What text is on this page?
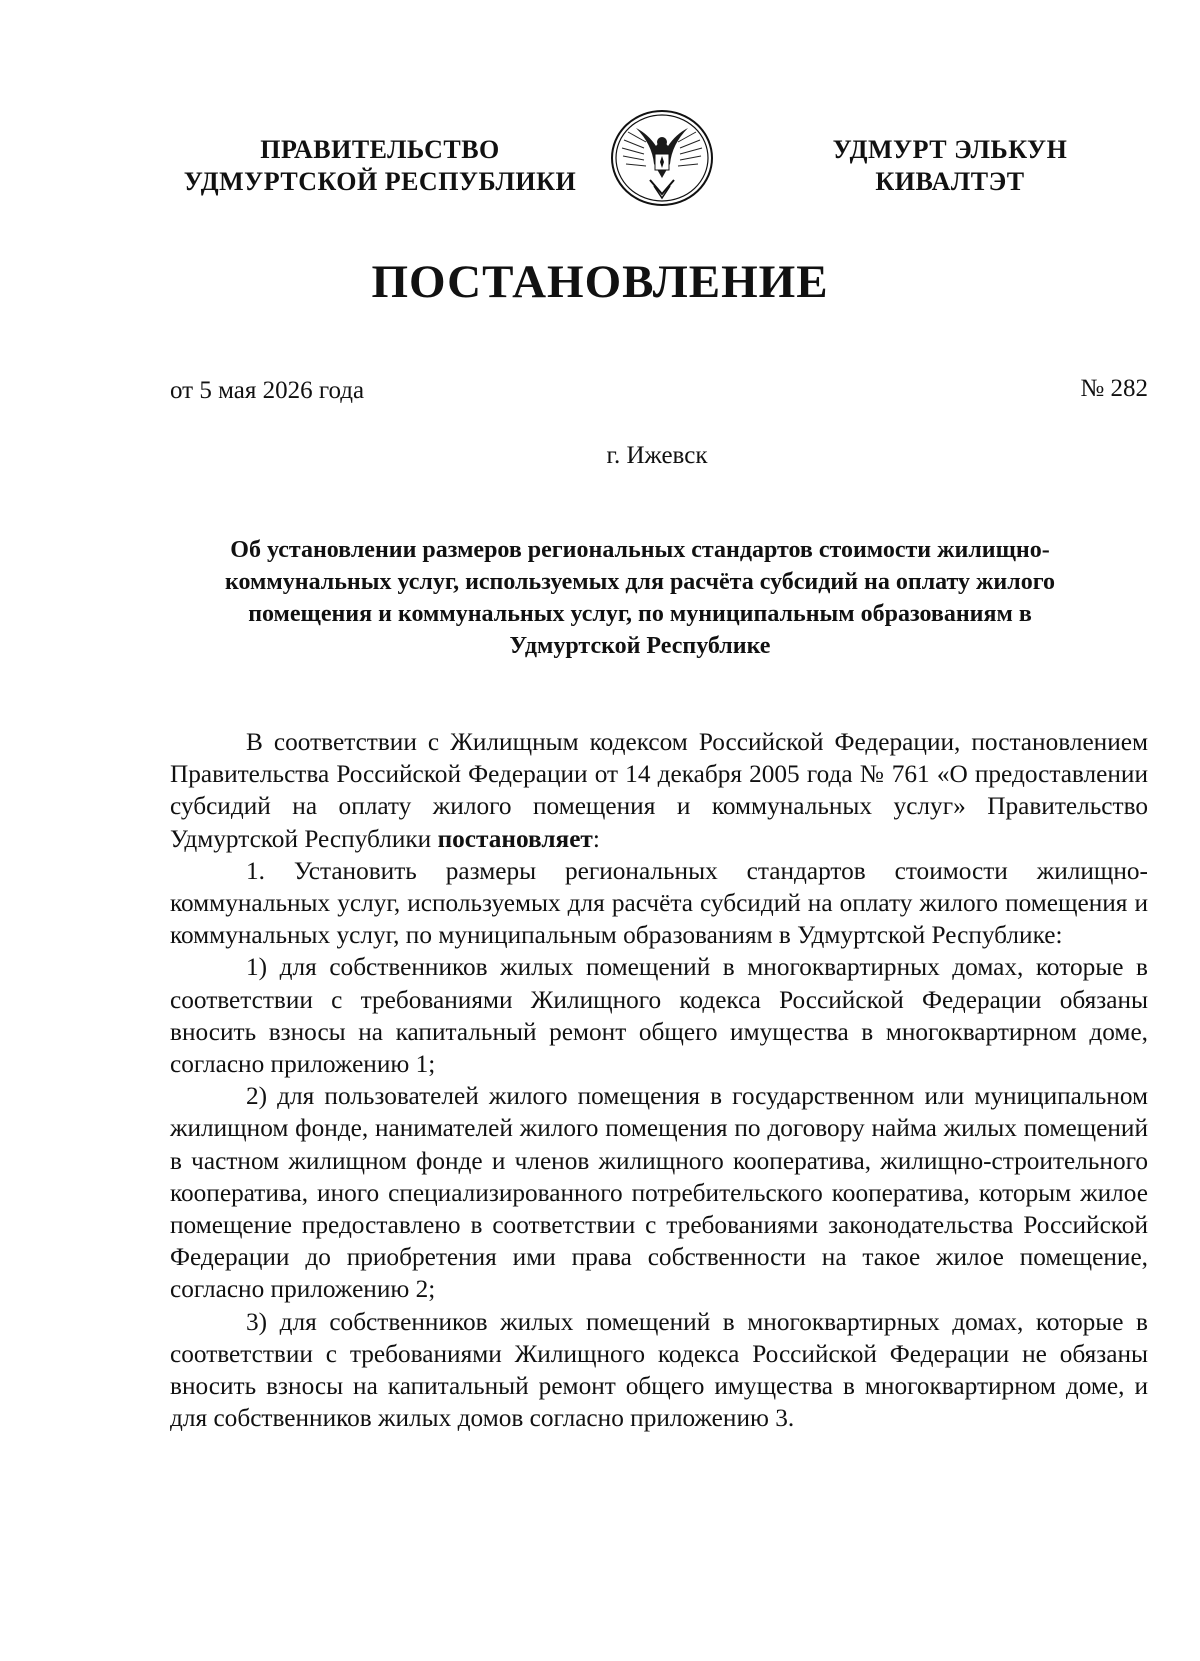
ПРАВИТЕЛЬСТВО
УДМУРТСКОЙ РЕСПУБЛИКИ
УДМУРТ ЭЛЬКУН
КИВАЛТЭТ
ПОСТАНОВЛЕНИЕ
от 5 мая 2026 года	№ 282
г. Ижевск
Об установлении размеров региональных стандартов стоимости жилищно-коммунальных услуг, используемых для расчёта субсидий на оплату жилого помещения и коммунальных услуг, по муниципальным образованиям в Удмуртской Республике

В соответствии с Жилищным кодексом Российской Федерации, постановлением Правительства Российской Федерации от 14 декабря 2005 года № 761 «О предоставлении субсидий на оплату жилого помещения и коммунальных услуг» Правительство Удмуртской Республики постановляет:

1. Установить размеры региональных стандартов стоимости жилищно-коммунальных услуг, используемых для расчёта субсидий на оплату жилого помещения и коммунальных услуг, по муниципальным образованиям в Удмуртской Республике:

1) для собственников жилых помещений в многоквартирных домах, которые в соответствии с требованиями Жилищного кодекса Российской Федерации обязаны вносить взносы на капитальный ремонт общего имущества в многоквартирном доме, согласно приложению 1;

2) для пользователей жилого помещения в государственном или муниципальном жилищном фонде, нанимателей жилого помещения по договору найма жилых помещений в частном жилищном фонде и членов жилищного кооператива, жилищно-строительного кооператива, иного специализированного потребительского кооператива, которым жилое помещение предоставлено в соответствии с требованиями законодательства Российской Федерации до приобретения ими права собственности на такое жилое помещение, согласно приложению 2;

3) для собственников жилых помещений в многоквартирных домах, которые в соответствии с требованиями Жилищного кодекса Российской Федерации не обязаны вносить взносы на капитальный ремонт общего имущества в многоквартирном доме, и для собственников жилых домов согласно приложению 3.
